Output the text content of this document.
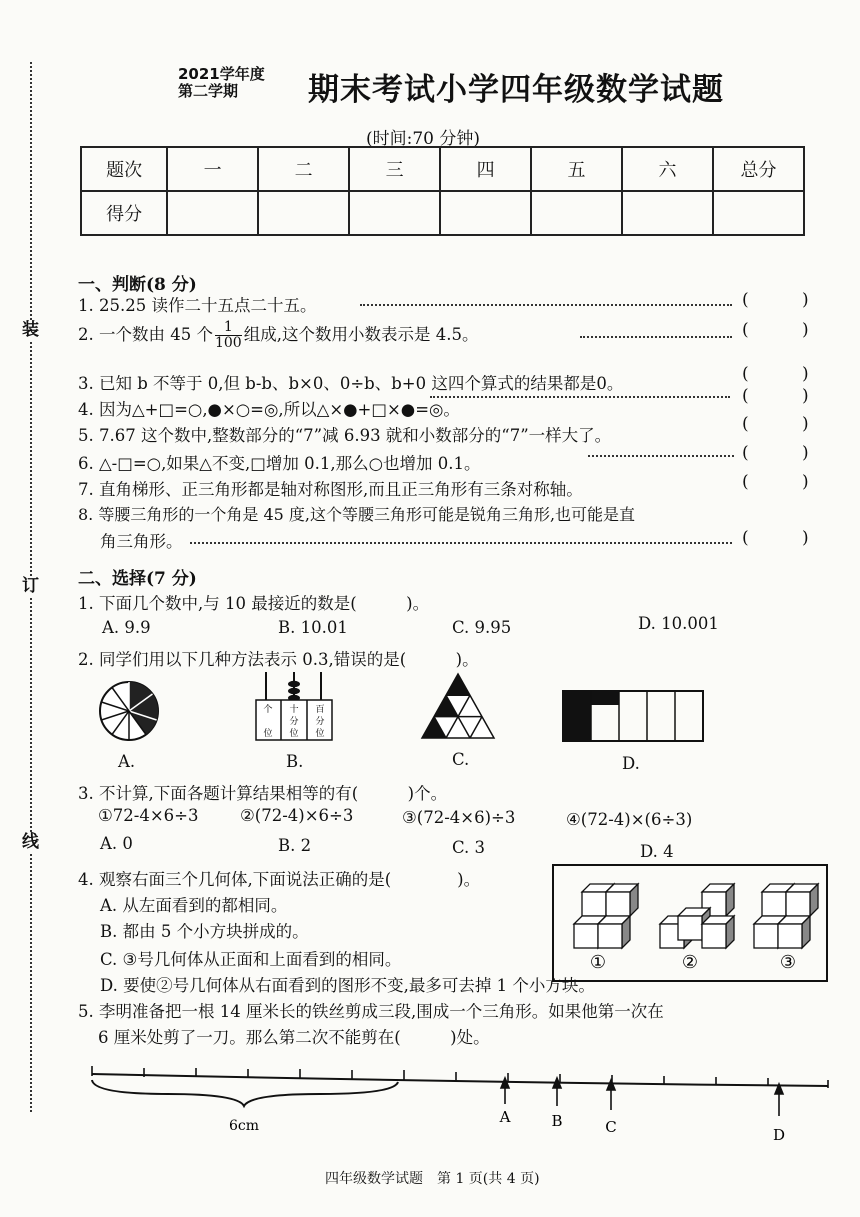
装
订
线
2021学年度
第二学期	期末考试小学四年级数学试题
(时间:70 分钟)
题次	一	二	三	四	五	六	总分
得分							
一、判断(8 分)
1. 25.25 读作二十五点二十五。	(	)
2. 一个数由 45 个 $\frac{1}{100}$ 组成,这个数用小数表示是 4.5。	(	)
3. 已知 b 不等于 0,但 b-b、b×0、0÷b、b+0 这四个算式的结果都是0。	(	)
4. 因为△+□=○,●×○=◎,所以△×●+□×●=◎。
(	)
5. 7.67 这个数中,整数部分的“7”减 6.93 就和小数部分的“7”一样大了。
(	)
6. △-□=○,如果△不变,□增加 0.1,那么○也增加 0.1。
(	)
7. 直角梯形、正三角形都是轴对称图形,而且正三角形有三条对称轴。	(	)
8. 等腰三角形的一个角是 45 度,这个等腰三角形可能是锐角三角形,也可能是直
角三角形。	(	)
二、选择(7 分)
1. 下面几个数中,与 10 最接近的数是(　　　)。
A. 9.9	B. 10.01	C. 9.95	D. 10.001
2. 同学们用以下几种方法表示 0.3,错误的是(　　　)。
A.
个
位
十
分
位
百
分
位
B.	C.	D.
3. 不计算,下面各题计算结果相等的有(　　　)个。
①72-4×6÷3	②(72-4)×6÷3	③(72-4×6)÷3	④(72-4)×(6÷3)
A. 0	B. 2	C. 3	D. 4
4. 观察右面三个几何体,下面说法正确的是(　　　　)。
A. 从左面看到的都相同。
B. 都由 5 个小方块拼成的。
C. ③号几何体从正面和上面看到的相同。
D. 要使②号几何体从右面看到的图形不变,最多可去掉 1 个小方块。
①	②	③
5. 李明准备把一根 14 厘米长的铁丝剪成三段,围成一个三角形。如果他第一次在
6 厘米处剪了一刀。那么第二次不能剪在(　　　)处。
6cm	A	B	C	D
四年级数学试题　第 1 页(共 4 页)
